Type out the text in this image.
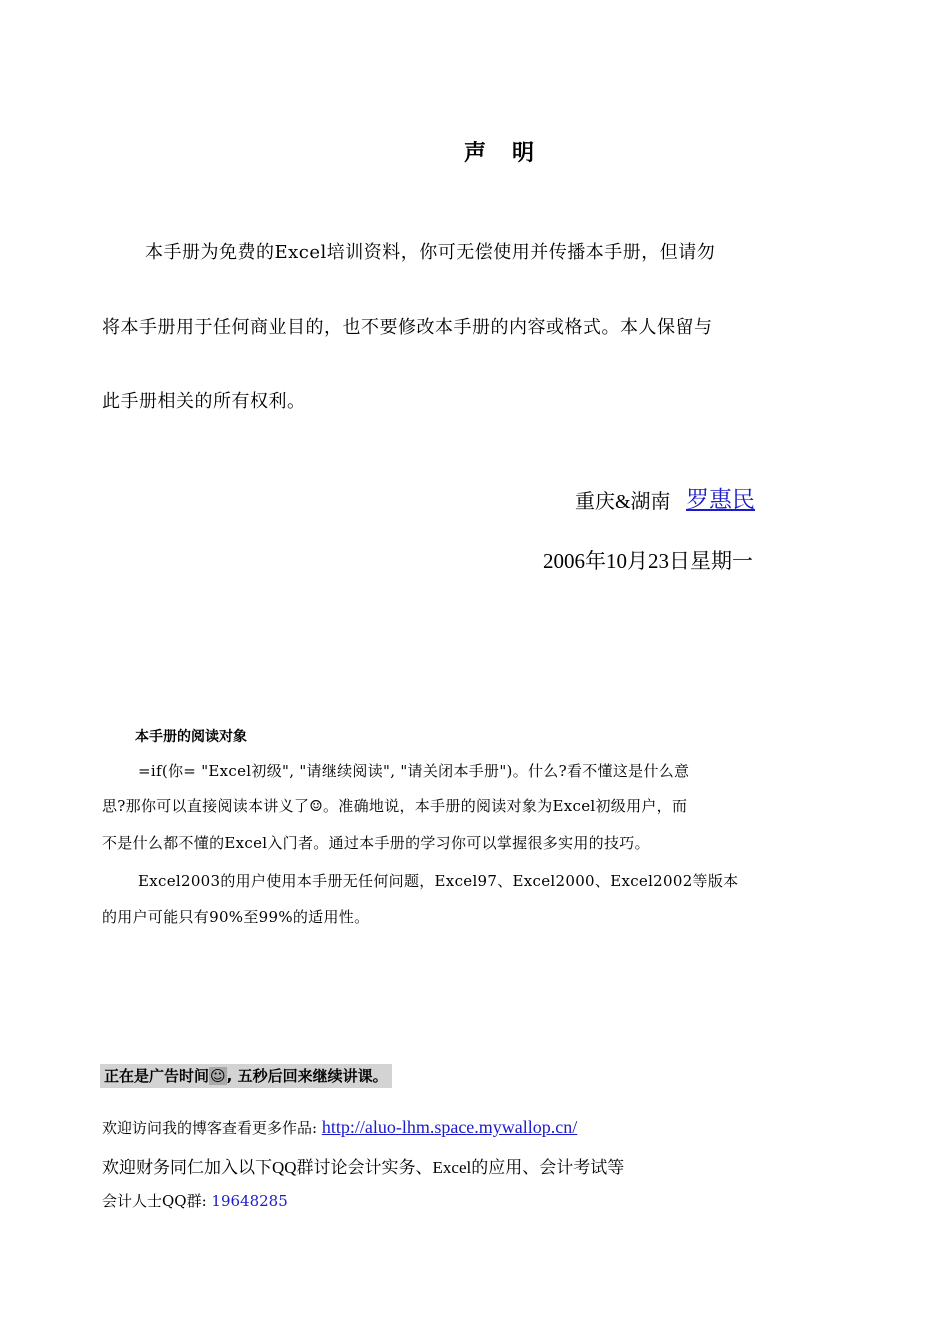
声　明
本手册为免费的Excel培训资料，你可无偿使用并传播本手册，但请勿
将本手册用于任何商业目的，也不要修改本手册的内容或格式。本人保留与
此手册相关的所有权利。
重庆&湖南 罗惠民
2006年10月23日星期一
本手册的阅读对象
=if(你= "Excel初级", "请继续阅读", "请关闭本手册")。什么?看不懂这是什么意
思?那你可以直接阅读本讲义了☺。准确地说，本手册的阅读对象为Excel初级用户，而
不是什么都不懂的Excel入门者。通过本手册的学习你可以掌握很多实用的技巧。
Excel2003的用户使用本手册无任何问题，Excel97、Excel2000、Excel2002等版本
的用户可能只有90%至99%的适用性。
正在是广告时间☺, 五秒后回来继续讲课。
欢迎访问我的博客查看更多作品: http://aluo-lhm.space.mywallop.cn/
欢迎财务同仁加入以下QQ群讨论会计实务、Excel的应用、会计考试等
会计人士QQ群: 19648285
